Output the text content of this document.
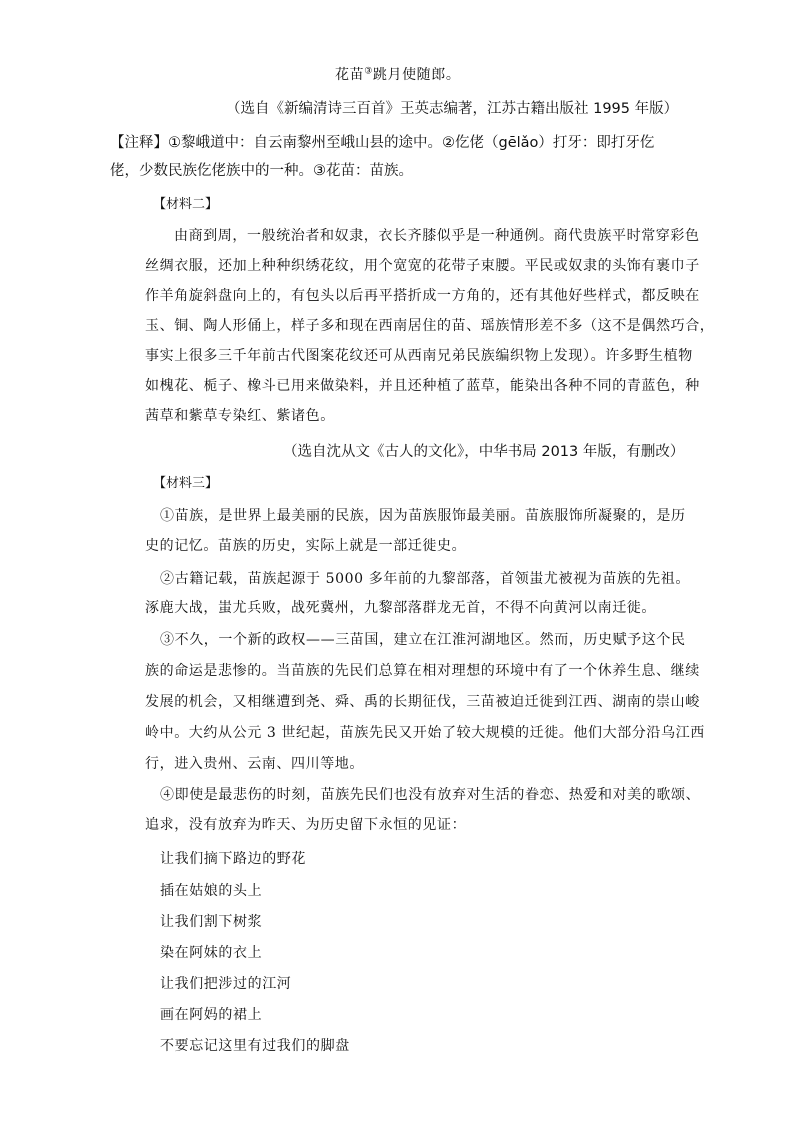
花苗③跳月使随郎。
（选自《新编清诗三百首》王英志编著，江苏古籍出版社 1995 年版）
【注释】①黎峨道中：自云南黎州至峨山县的途中。②仡佬（gēlǎo）打牙：即打牙仡
佬，少数民族仡佬族中的一种。③花苗：苗族。
【材料二】
由商到周，一般统治者和奴隶，衣长齐膝似乎是一种通例。商代贵族平时常穿彩色
丝绸衣服，还加上种种织绣花纹，用个宽宽的花带子束腰。平民或奴隶的头饰有裹巾子
作羊角旋斜盘向上的，有包头以后再平搭折成一方角的，还有其他好些样式，都反映在
玉、铜、陶人形俑上，样子多和现在西南居住的苗、瑶族情形差不多（这不是偶然巧合，
事实上很多三千年前古代图案花纹还可从西南兄弟民族编织物上发现）。许多野生植物
如槐花、栀子、橡斗已用来做染料，并且还种植了蓝草，能染出各种不同的青蓝色，种
茜草和紫草专染红、紫诸色。
（选自沈从文《古人的文化》，中华书局 2013 年版，有删改）
【材料三】
①苗族，是世界上最美丽的民族，因为苗族服饰最美丽。苗族服饰所凝聚的，是历
史的记忆。苗族的历史，实际上就是一部迁徙史。
②古籍记载，苗族起源于 5000 多年前的九黎部落，首领蚩尤被视为苗族的先祖。
涿鹿大战，蚩尤兵败，战死冀州，九黎部落群龙无首，不得不向黄河以南迁徙。
③不久，一个新的政权——三苗国，建立在江淮河湖地区。然而，历史赋予这个民
族的命运是悲惨的。当苗族的先民们总算在相对理想的环境中有了一个休养生息、继续
发展的机会，又相继遭到尧、舜、禹的长期征伐，三苗被迫迁徙到江西、湖南的崇山峻
岭中。大约从公元 3 世纪起，苗族先民又开始了较大规模的迁徙。他们大部分沿乌江西
行，进入贵州、云南、四川等地。
④即使是最悲伤的时刻，苗族先民们也没有放弃对生活的眷恋、热爱和对美的歌颂、
追求，没有放弃为昨天、为历史留下永恒的见证：
让我们摘下路边的野花
插在姑娘的头上
让我们割下树浆
染在阿妹的衣上
让我们把涉过的江河
画在阿妈的裙上
不要忘记这里有过我们的脚盘
